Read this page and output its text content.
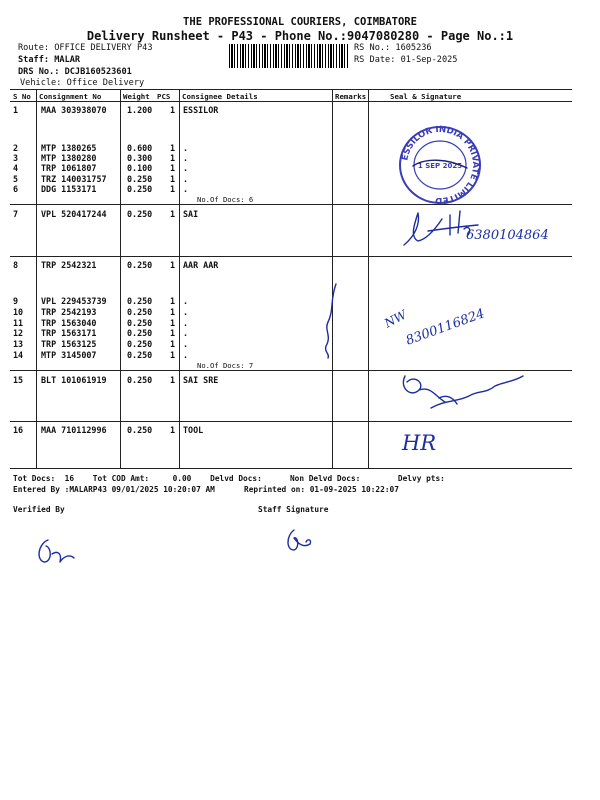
THE PROFESSIONAL COURIERS, COIMBATORE
Delivery Runsheet - P43 - Phone No.:9047080280 - Page No.:1
Route: OFFICE DELIVERY P43
Staff: MALAR
DRS No.: DCJB160523601
Vehicle: Office Delivery
RS No.: 1605236
RS Date: 01-Sep-2025
S No Consignment No	Weight PCS Consignee Details	Remarks	Seal & Signature
1	MAA 303938070 1.200 1 ESSILOR
2	MTP 1380265	0.600 1 .
3	MTP 1380280	0.300 1 .
4	TRP 1061807	0.100 1 .
5	TRZ 140031757 0.250 1 .
6	DDG 1153171	0.250 1 .
No.Of Docs: 6
7	VPL 520417244 0.250 1 SAI
8	TRP 2542321	0.250 1 AAR AAR
9	VPL 229453739 0.250 1 .
10 TRP 2542193	0.250 1 .
11 TRP 1563040	0.250 1 .
12 TRP 1563171	0.250 1 .
13 TRP 1563125	0.250 1 .
14 MTP 3145007	0.250 1 .
No.Of Docs: 7
15 BLT 101061919 0.250 1 SAI SRE
16 MAA 710112996 0.250 1 TOOL
ESSILOR INDIA PRIVATE LIMITED
1 SEP 2025
6380104864
NW
8300116824
HR
Tot Docs:  16    Tot COD Amt:     0.00    Delvd Docs:      Non Delvd Docs:        Delvy pts:
Entered By :MALARP43 09/01/2025 10:20:07 AM	Reprinted on: 01-09-2025 10:22:07
Verified By	Staff Signature
